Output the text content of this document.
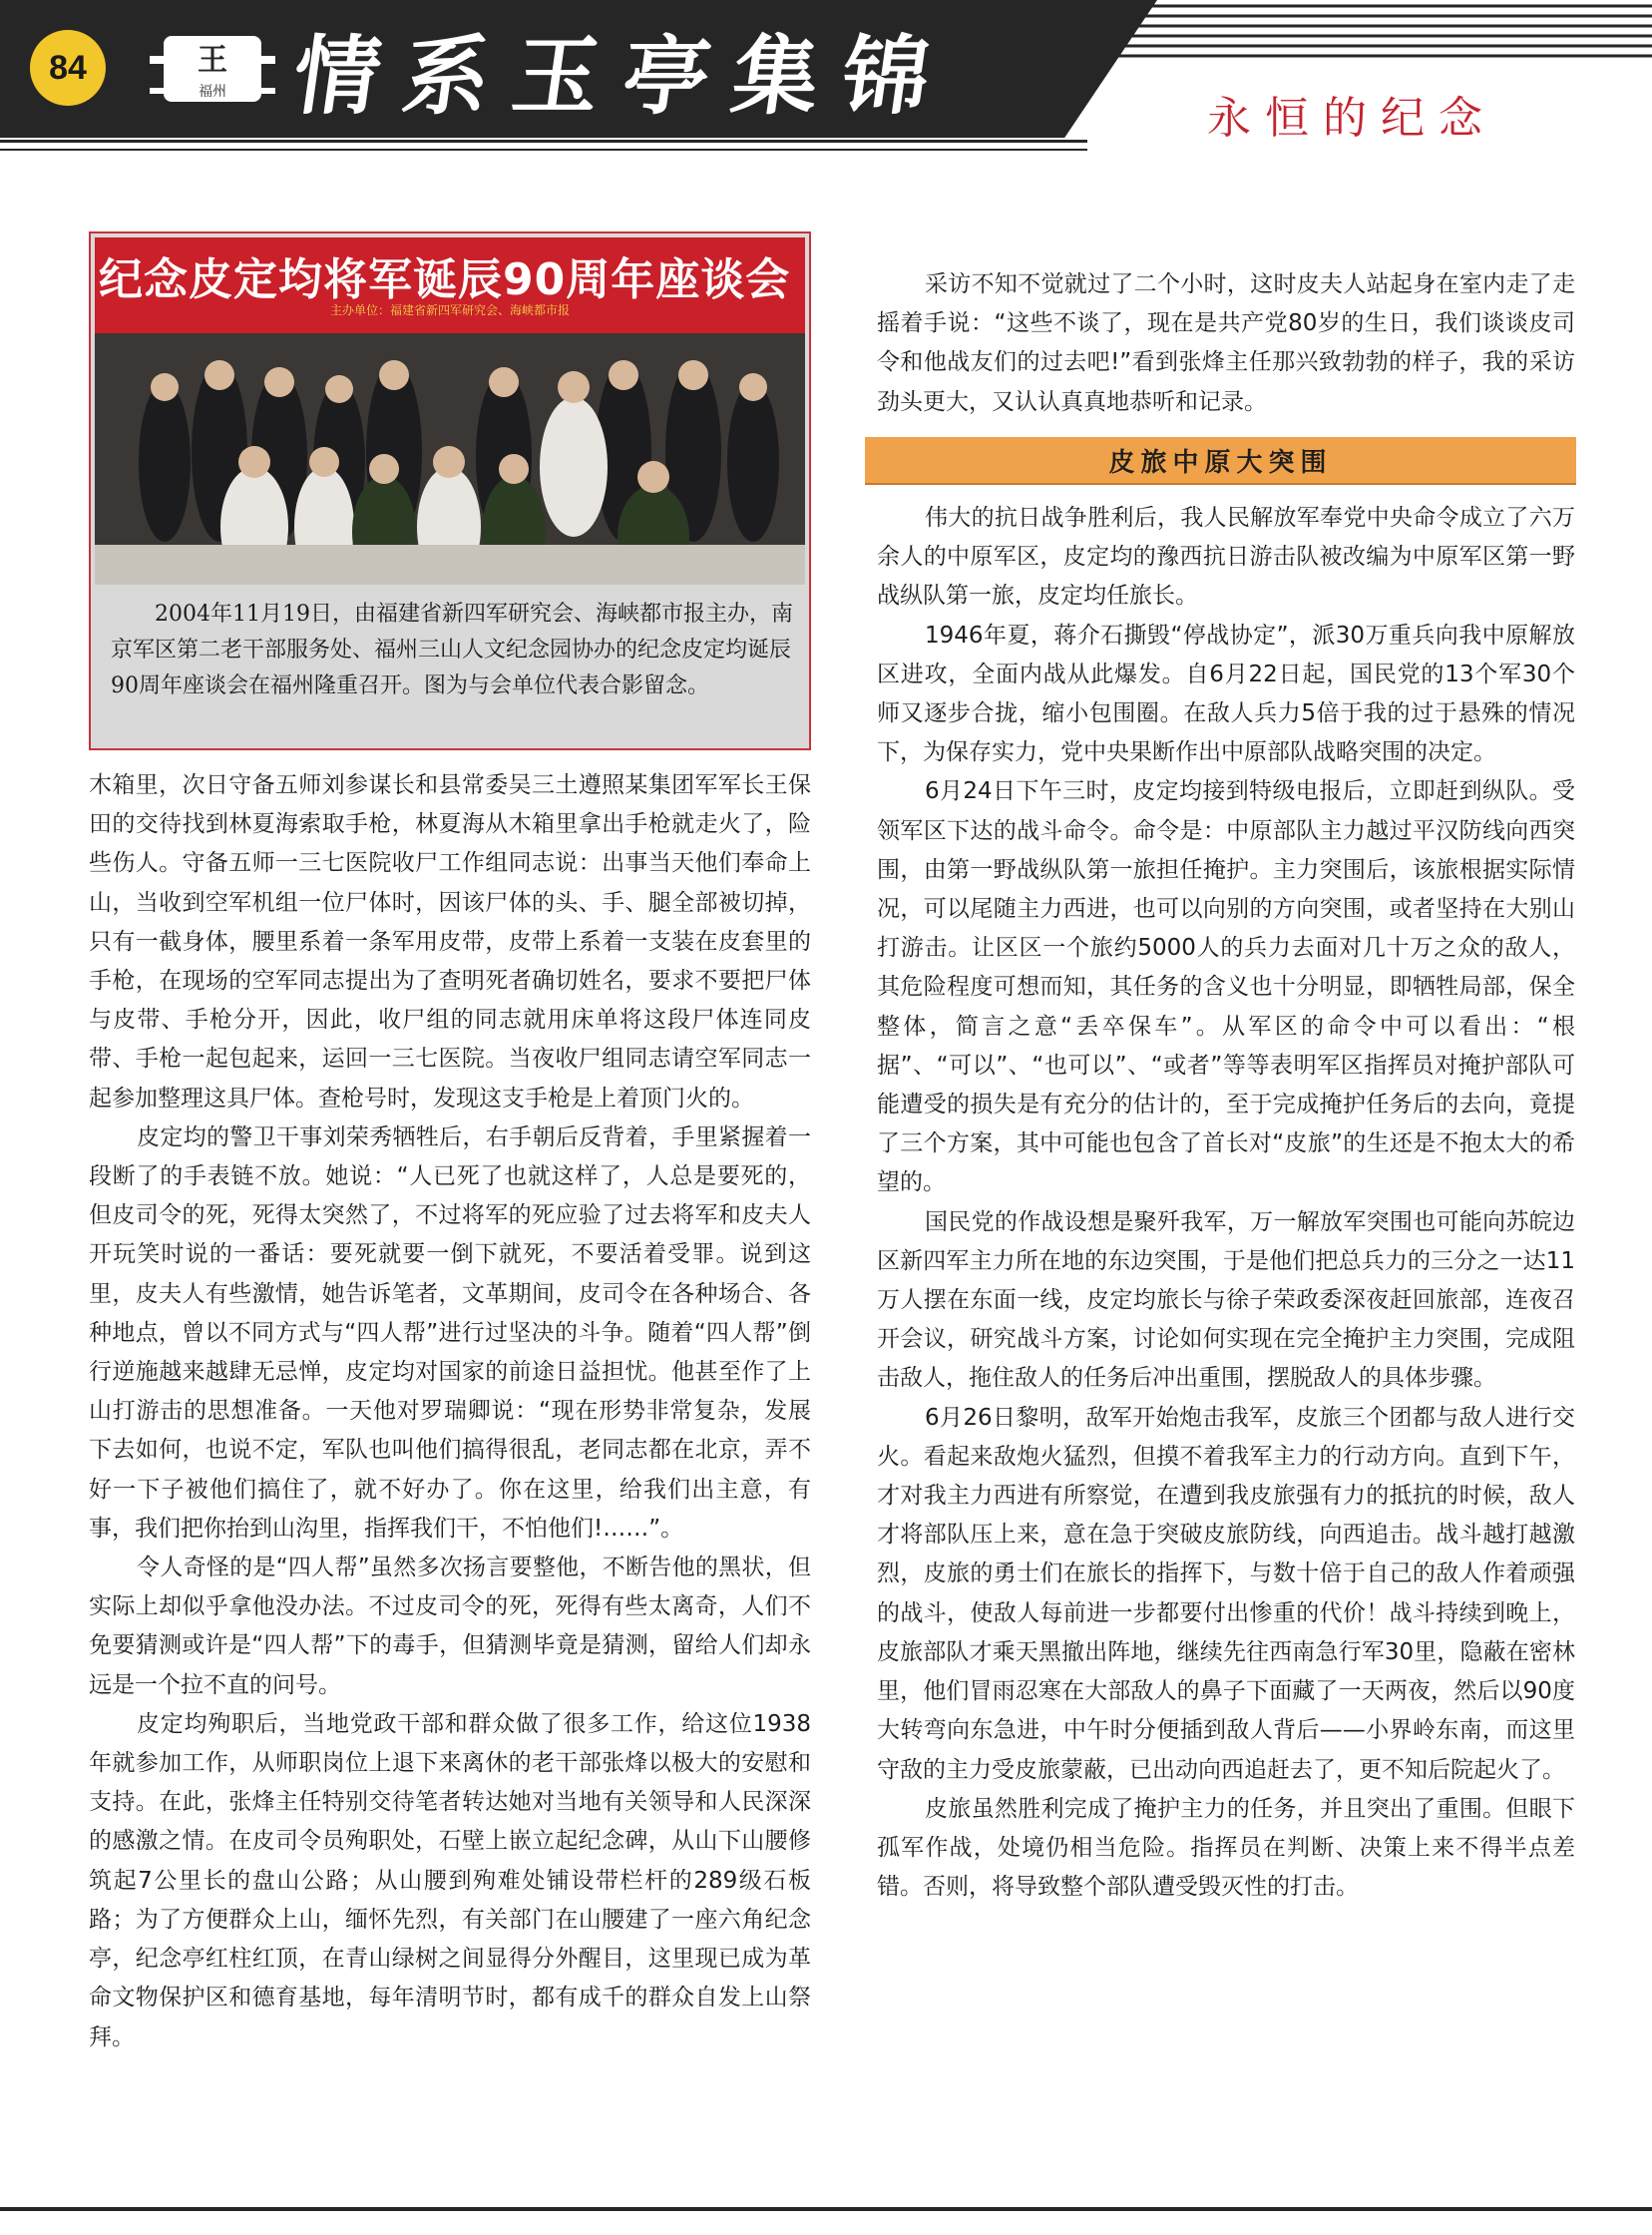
84	王
福州 情系玉亭集锦	永恒的纪念
纪念皮定均将军诞辰90周年座谈会
主办单位：福建省新四军研究会、海峡都市报
2004年11月19日，由福建省新四军研究会、海峡都市报主办，南京军区第二老干部服务处、福州三山人文纪念园协办的纪念皮定均诞辰90周年座谈会在福州隆重召开。图为与会单位代表合影留念。

木箱里，次日守备五师刘参谋长和县常委吴三土遵照某集团军军长王保田的交待找到林夏海索取手枪，林夏海从木箱里拿出手枪就走火了，险些伤人。守备五师一三七医院收尸工作组同志说：出事当天他们奉命上山，当收到空军机组一位尸体时，因该尸体的头、手、腿全部被切掉，只有一截身体，腰里系着一条军用皮带，皮带上系着一支装在皮套里的手枪，在现场的空军同志提出为了查明死者确切姓名，要求不要把尸体与皮带、手枪分开，因此，收尸组的同志就用床单将这段尸体连同皮带、手枪一起包起来，运回一三七医院。当夜收尸组同志请空军同志一起参加整理这具尸体。查枪号时，发现这支手枪是上着顶门火的。

皮定均的警卫干事刘荣秀牺牲后，右手朝后反背着，手里紧握着一段断了的手表链不放。她说：“人已死了也就这样了，人总是要死的，但皮司令的死，死得太突然了，不过将军的死应验了过去将军和皮夫人开玩笑时说的一番话：要死就要一倒下就死，不要活着受罪。说到这里，皮夫人有些激情，她告诉笔者，文革期间，皮司令在各种场合、各种地点，曾以不同方式与“四人帮”进行过坚决的斗争。随着“四人帮”倒行逆施越来越肆无忌惮，皮定均对国家的前途日益担忧。他甚至作了上山打游击的思想准备。一天他对罗瑞卿说：“现在形势非常复杂，发展下去如何，也说不定，军队也叫他们搞得很乱，老同志都在北京，弄不好一下子被他们搞住了，就不好办了。你在这里，给我们出主意，有事，我们把你抬到山沟里，指挥我们干，不怕他们!……”。

令人奇怪的是“四人帮”虽然多次扬言要整他，不断告他的黑状，但实际上却似乎拿他没办法。不过皮司令的死，死得有些太离奇，人们不免要猜测或许是“四人帮”下的毒手，但猜测毕竟是猜测，留给人们却永远是一个拉不直的问号。

皮定均殉职后，当地党政干部和群众做了很多工作，给这位1938年就参加工作，从师职岗位上退下来离休的老干部张烽以极大的安慰和支持。在此，张烽主任特别交待笔者转达她对当地有关领导和人民深深的感激之情。在皮司令员殉职处，石壁上嵌立起纪念碑，从山下山腰修筑起7公里长的盘山公路；从山腰到殉难处铺设带栏杆的289级石板路；为了方便群众上山，缅怀先烈，有关部门在山腰建了一座六角纪念亭，纪念亭红柱红顶，在青山绿树之间显得分外醒目，这里现已成为革命文物保护区和德育基地，每年清明节时，都有成千的群众自发上山祭拜。

采访不知不觉就过了二个小时，这时皮夫人站起身在室内走了走摇着手说：“这些不谈了，现在是共产党80岁的生日，我们谈谈皮司令和他战友们的过去吧!”看到张烽主任那兴致勃勃的样子，我的采访劲头更大，又认认真真地恭听和记录。

皮旅中原大突围

伟大的抗日战争胜利后，我人民解放军奉党中央命令成立了六万余人的中原军区，皮定均的豫西抗日游击队被改编为中原军区第一野战纵队第一旅，皮定均任旅长。

1946年夏，蒋介石撕毁“停战协定”，派30万重兵向我中原解放区进攻，全面内战从此爆发。自6月22日起，国民党的13个军30个师又逐步合拢，缩小包围圈。在敌人兵力5倍于我的过于悬殊的情况下，为保存实力，党中央果断作出中原部队战略突围的决定。

6月24日下午三时，皮定均接到特级电报后，立即赶到纵队。受领军区下达的战斗命令。命令是：中原部队主力越过平汉防线向西突围，由第一野战纵队第一旅担任掩护。主力突围后，该旅根据实际情况，可以尾随主力西进，也可以向别的方向突围，或者坚持在大别山打游击。让区区一个旅约5000人的兵力去面对几十万之众的敌人，其危险程度可想而知，其任务的含义也十分明显，即牺牲局部，保全整体，简言之意“丢卒保车”。从军区的命令中可以看出：“根据”、“可以”、“也可以”、“或者”等等表明军区指挥员对掩护部队可能遭受的损失是有充分的估计的，至于完成掩护任务后的去向，竟提了三个方案，其中可能也包含了首长对“皮旅”的生还是不抱太大的希望的。

国民党的作战设想是聚歼我军，万一解放军突围也可能向苏皖边区新四军主力所在地的东边突围，于是他们把总兵力的三分之一达11万人摆在东面一线，皮定均旅长与徐子荣政委深夜赶回旅部，连夜召开会议，研究战斗方案，讨论如何实现在完全掩护主力突围，完成阻击敌人，拖住敌人的任务后冲出重围，摆脱敌人的具体步骤。

6月26日黎明，敌军开始炮击我军，皮旅三个团都与敌人进行交火。看起来敌炮火猛烈，但摸不着我军主力的行动方向。直到下午，才对我主力西进有所察觉，在遭到我皮旅强有力的抵抗的时候，敌人才将部队压上来，意在急于突破皮旅防线，向西追击。战斗越打越激烈，皮旅的勇士们在旅长的指挥下，与数十倍于自己的敌人作着顽强的战斗，使敌人每前进一步都要付出惨重的代价！战斗持续到晚上，皮旅部队才乘天黑撤出阵地，继续先往西南急行军30里，隐蔽在密林里，他们冒雨忍寒在大部敌人的鼻子下面藏了一天两夜，然后以90度大转弯向东急进，中午时分便插到敌人背后——小界岭东南，而这里守敌的主力受皮旅蒙蔽，已出动向西追赶去了，更不知后院起火了。

皮旅虽然胜利完成了掩护主力的任务，并且突出了重围。但眼下孤军作战，处境仍相当危险。指挥员在判断、决策上来不得半点差错。否则，将导致整个部队遭受毁灭性的打击。
